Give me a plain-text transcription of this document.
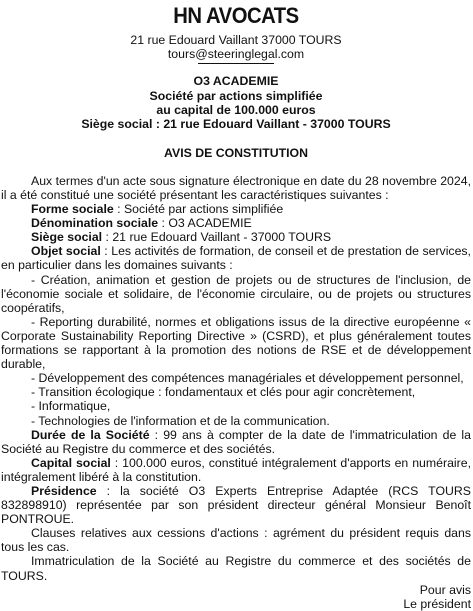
HN AVOCATS
21 rue Edouard Vaillant 37000 TOURS
tours@steeringlegal.com
O3 ACADEMIE
Société par actions simplifiée
au capital de 100.000 euros
Siège social : 21 rue Edouard Vaillant - 37000 TOURS
AVIS DE CONSTITUTION

Aux termes d'un acte sous signature électronique en date du 28 novembre 2024, il a été constitué une société présentant les caractéristiques suivantes :

Forme sociale : Société par actions simplifiée

Dénomination sociale : O3 ACADEMIE

Siège social : 21 rue Edouard Vaillant - 37000 TOURS

Objet social : Les activités de formation, de conseil et de prestation de services, en particulier dans les domaines suivants :

- Création, animation et gestion de projets ou de structures de l'inclusion, de l'économie sociale et solidaire, de l'économie circulaire, ou de projets ou structures coopératifs,

- Reporting durabilité, normes et obligations issus de la directive européenne « Corporate Sustainability Reporting Directive » (CSRD), et plus généralement toutes formations se rapportant à la promotion des notions de RSE et de développement durable,

- Développement des compétences managériales et développement personnel,

- Transition écologique : fondamentaux et clés pour agir concrètement,

- Informatique,

- Technologies de l'information et de la communication.

Durée de la Société : 99 ans à compter de la date de l'immatriculation de la Société au Registre du commerce et des sociétés.

Capital social : 100.000 euros, constitué intégralement d'apports en numéraire, intégralement libéré à la constitution.

Présidence : la société O3 Experts Entreprise Adaptée (RCS TOURS 832898910) représentée par son président directeur général Monsieur Benoît PONTROUE.

Clauses relatives aux cessions d'actions : agrément du président requis dans tous les cas.

Immatriculation de la Société au Registre du commerce et des sociétés de TOURS.

Pour avis

Le président
